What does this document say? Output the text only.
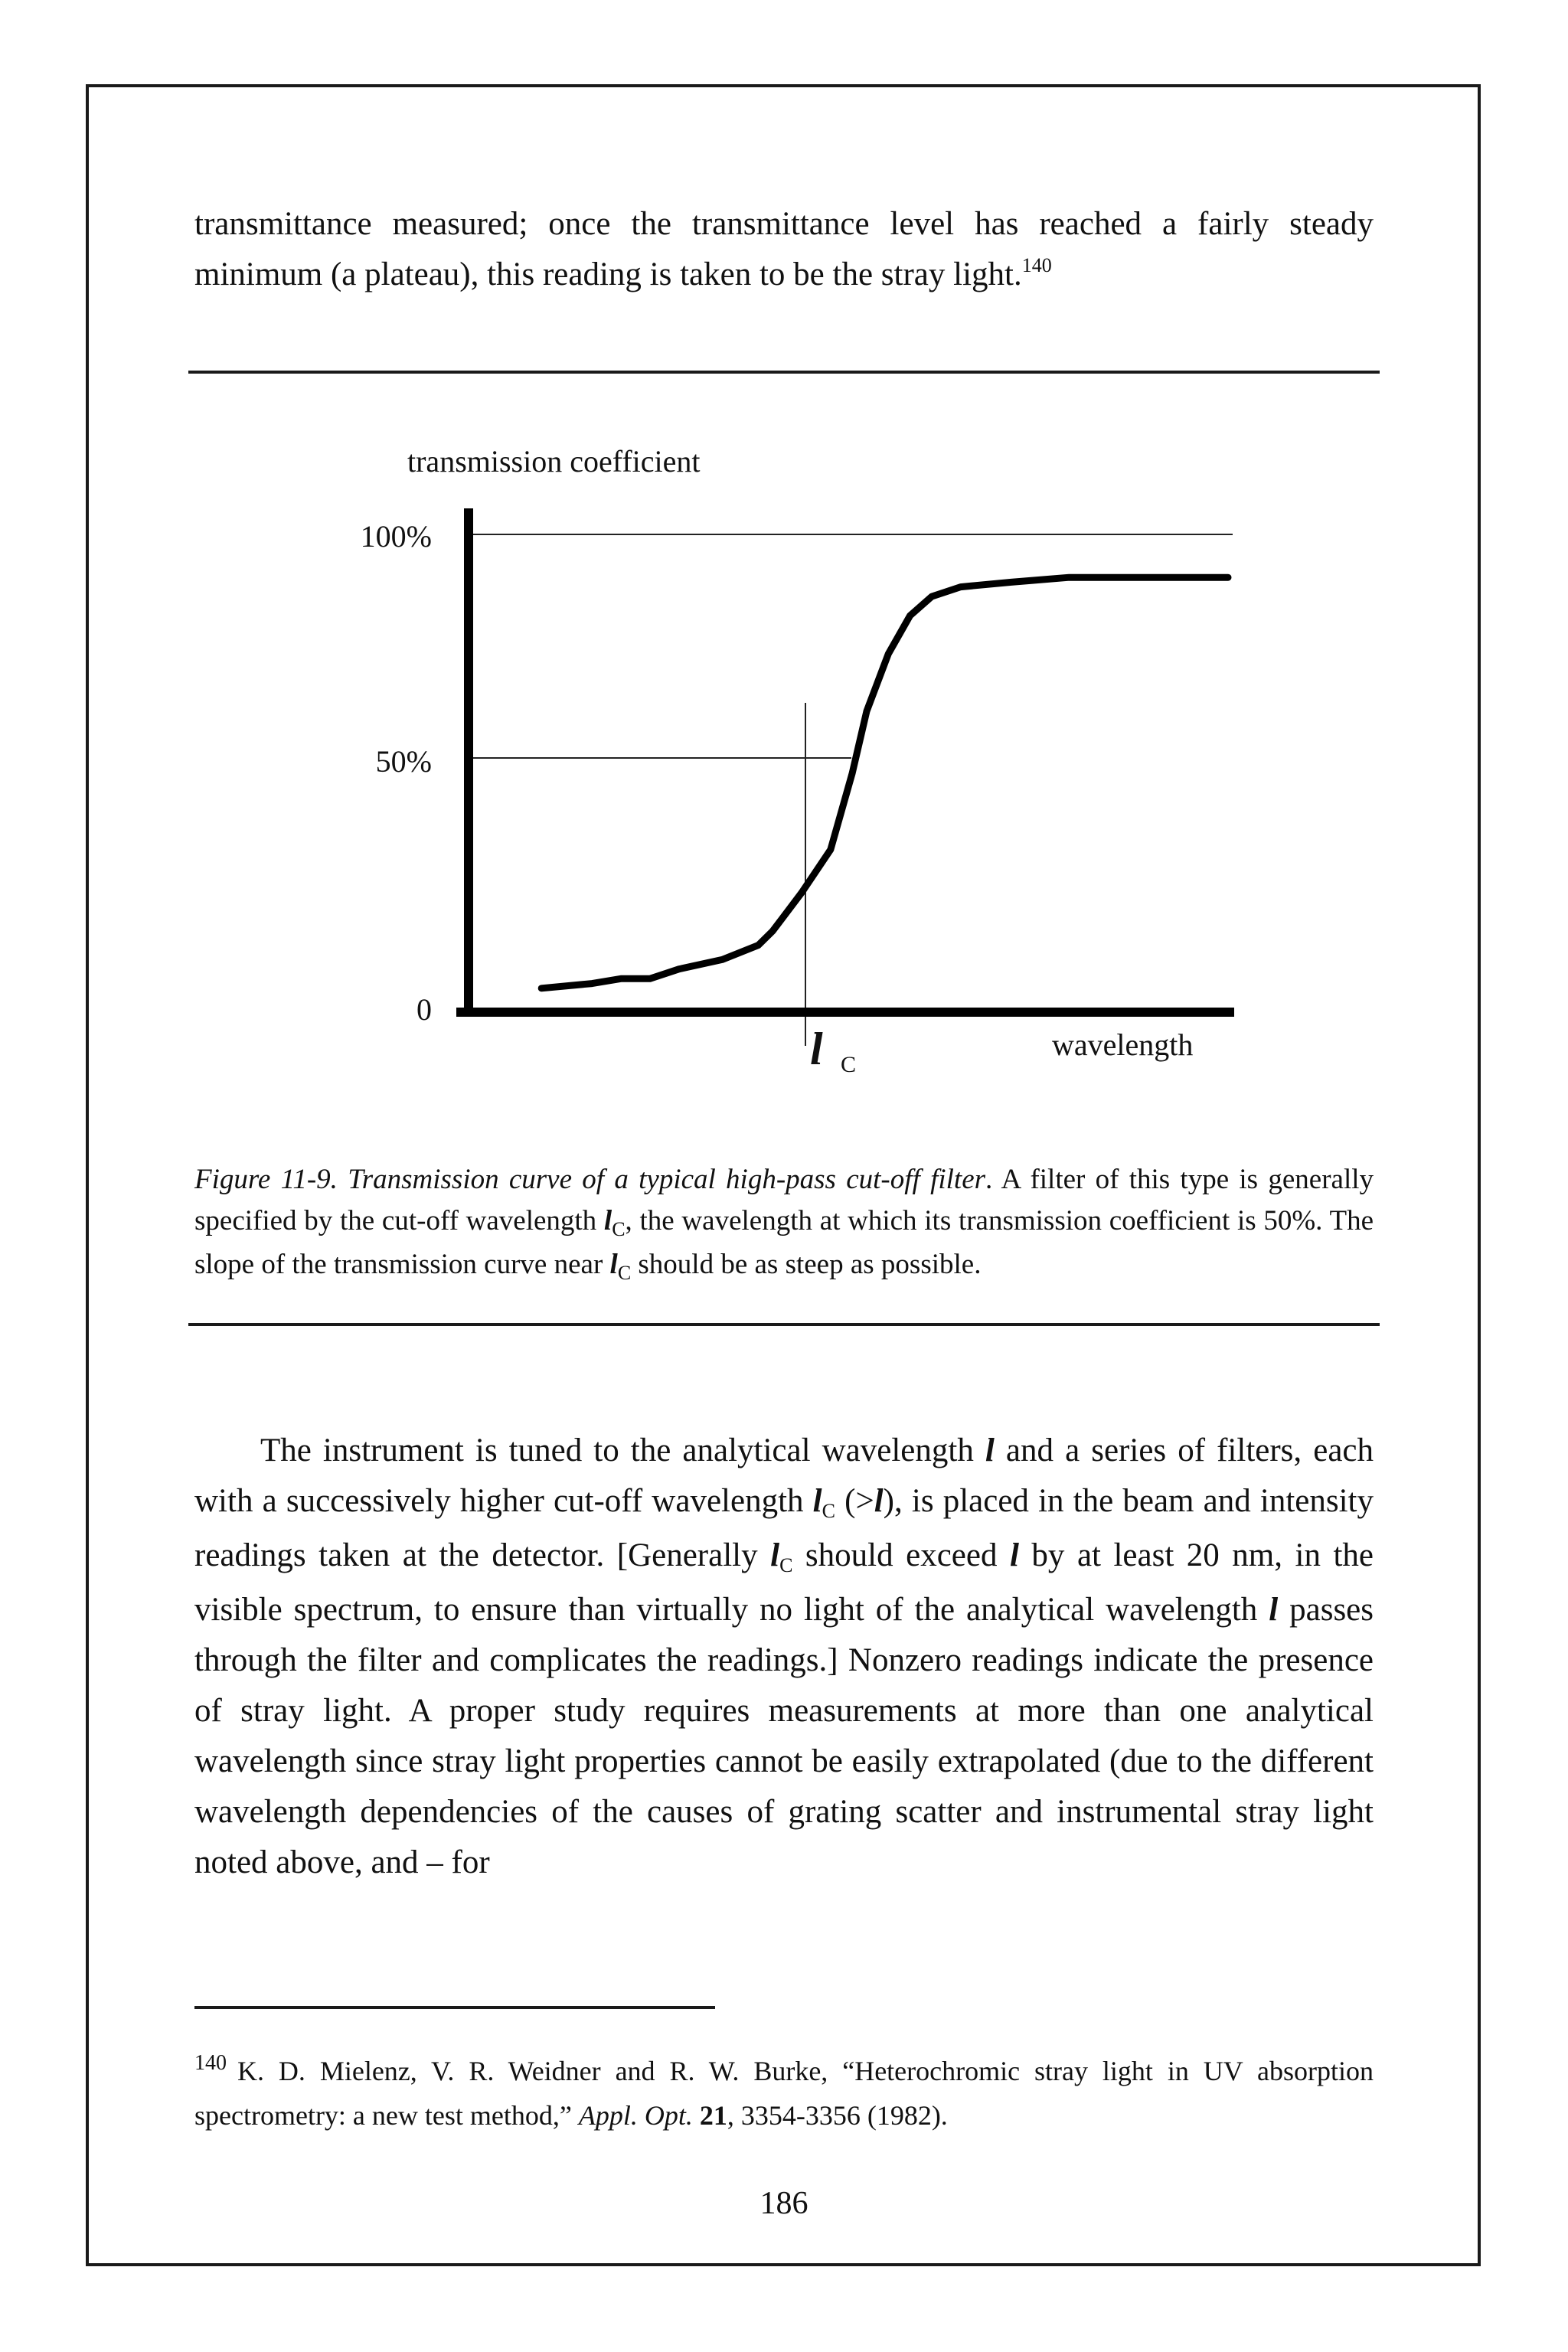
transmittance measured; once the transmittance level has reached a fairly steady minimum (a plateau), this reading is taken to be the stray light.$^{140}$
transmission coefficient
100%
50%
0
l C
wavelength
Figure 11-9. Transmission curve of a typical high-pass cut-off filter. A filter of this type is generally specified by the cut-off wavelength $l_C$, the wavelength at which its transmission coefficient is 50%. The slope of the transmission curve near $l_C$ should be as steep as possible.

The instrument is tuned to the analytical wavelength l and a series of filters, each with a successively higher cut-off wavelength lC (>l), is placed in the beam and intensity readings taken at the detector. [Generally lC should exceed l by at least 20 nm, in the visible spectrum, to ensure than virtually no light of the analytical wavelength l passes through the filter and complicates the readings.] Nonzero readings indicate the presence of stray light. A proper study requires measurements at more than one analytical wavelength since stray light properties cannot be easily extrapolated (due to the different wavelength dependencies of the causes of grating scatter and instrumental stray light noted above, and – for

$^{140}$ K. D. Mielenz, V. R. Weidner and R. W. Burke, “Heterochromic stray light in UV absorption spectrometry: a new test method,” Appl. Opt. 21, 3354-3356 (1982).
186
